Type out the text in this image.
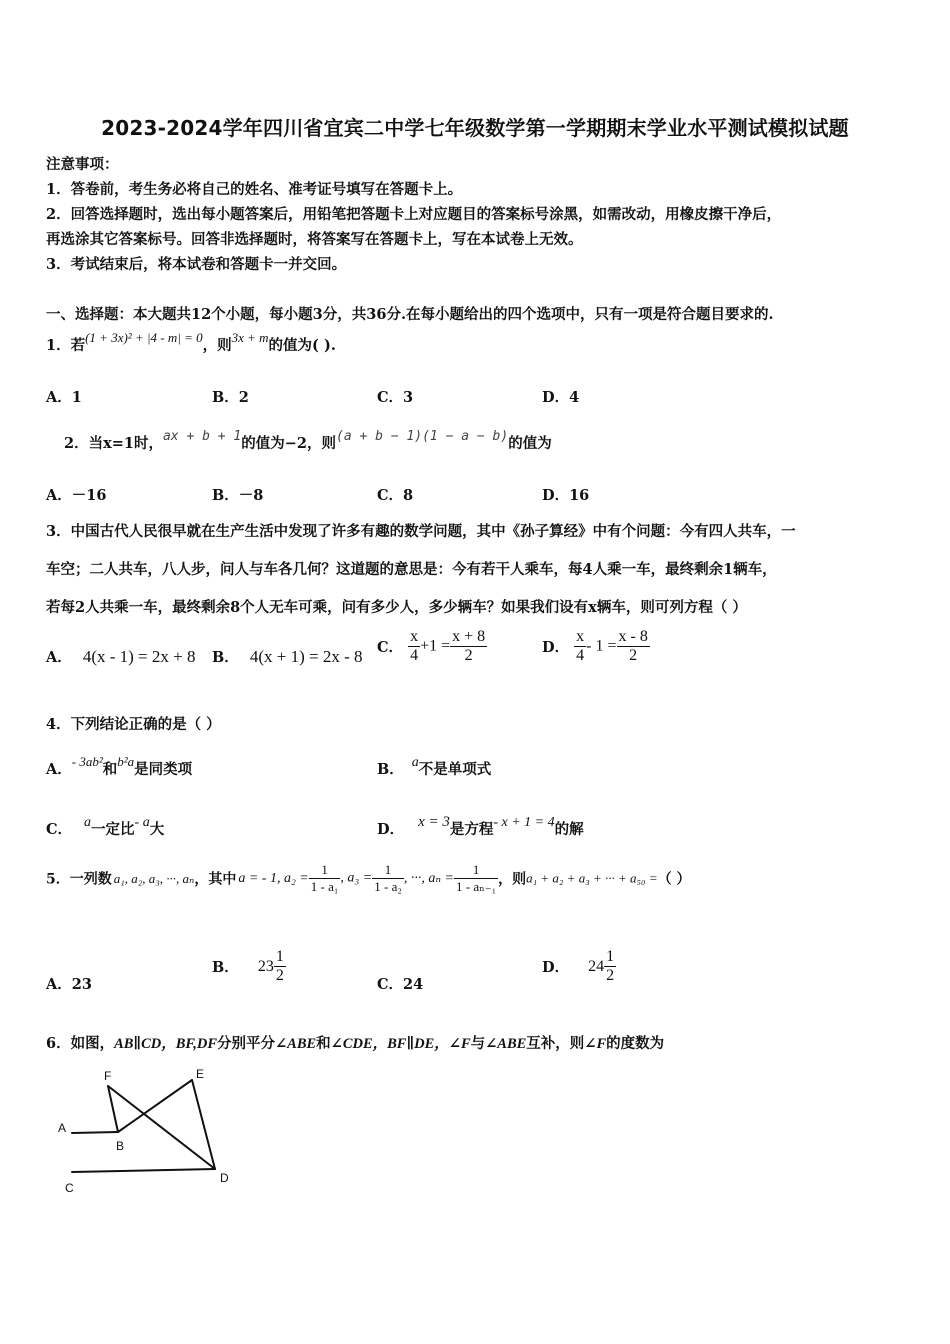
2023-2024学年四川省宜宾二中学七年级数学第一学期期末学业水平测试模拟试题
注意事项：
1．答卷前，考生务必将自己的姓名、准考证号填写在答题卡上。
2．回答选择题时，选出每小题答案后，用铅笔把答题卡上对应题目的答案标号涂黑，如需改动，用橡皮擦干净后，
再选涂其它答案标号。回答非选择题时，将答案写在答题卡上，写在本试卷上无效。
3．考试结束后，将本试卷和答题卡一并交回。
一、选择题：本大题共12个小题，每小题3分，共36分.在每小题给出的四个选项中，只有一项是符合题目要求的.
1．若(1 + 3x)² + |4 - m| = 0，则3x + m的值为( ).
A．1	B．2	C．3	D．4
2．当x=1时，ax + b + 1的值为−2，则(a + b − 1)(1 − a − b)的值为
A．－16	B．－8	C．8	D．16
3．中国古代人民很早就在生产生活中发现了许多有趣的数学问题，其中《孙子算经》中有个问题：今有四人共车，一
车空；二人共车，八人步，问人与车各几何？这道题的意思是：今有若干人乘车，每4人乘一车，最终剩余1辆车，
若每2人共乘一车，最终剩余8个人无车可乘，问有多少人，多少辆车？如果我们设有x辆车，则可列方程（ ）
A． 4(x - 1) = 2x + 8 B． 4(x + 1) = 2x - 8 C． $\frac{x}{4} +1 = \frac{x + 8}{2}$	D． $\frac{x}{4} - 1 = \frac{x - 8}{2}$
4．下列结论正确的是（ ）
A．- 3ab²和b²a是同类项	B． a不是单项式
C． a一定比- a大	D． x = 3是方程- x + 1 = 4的解
5．一列数 a₁, a₂, a₃, ···, aₙ，其中 a = - 1, $a_2 = \frac{1}{\text{1 - a₁}}$ , $a_3 = \frac{1}{\text{1 - a₂}}$ , ···, $a_n = \frac{1}{\text{1 - aₙ₋₁}}$ ，则a₁ + a₂ + a₃ + ··· + a₅₀ =（ ）
A．23
B． $23 \frac{1}{2}$	C．24
D． $24 \frac{1}{2}$
6．如图，AB∥CD，BF,DF分别平分∠ABE和∠CDE，BF∥DE，∠F与∠ABE互补，则∠F的度数为
F	E
A
B
C
D
